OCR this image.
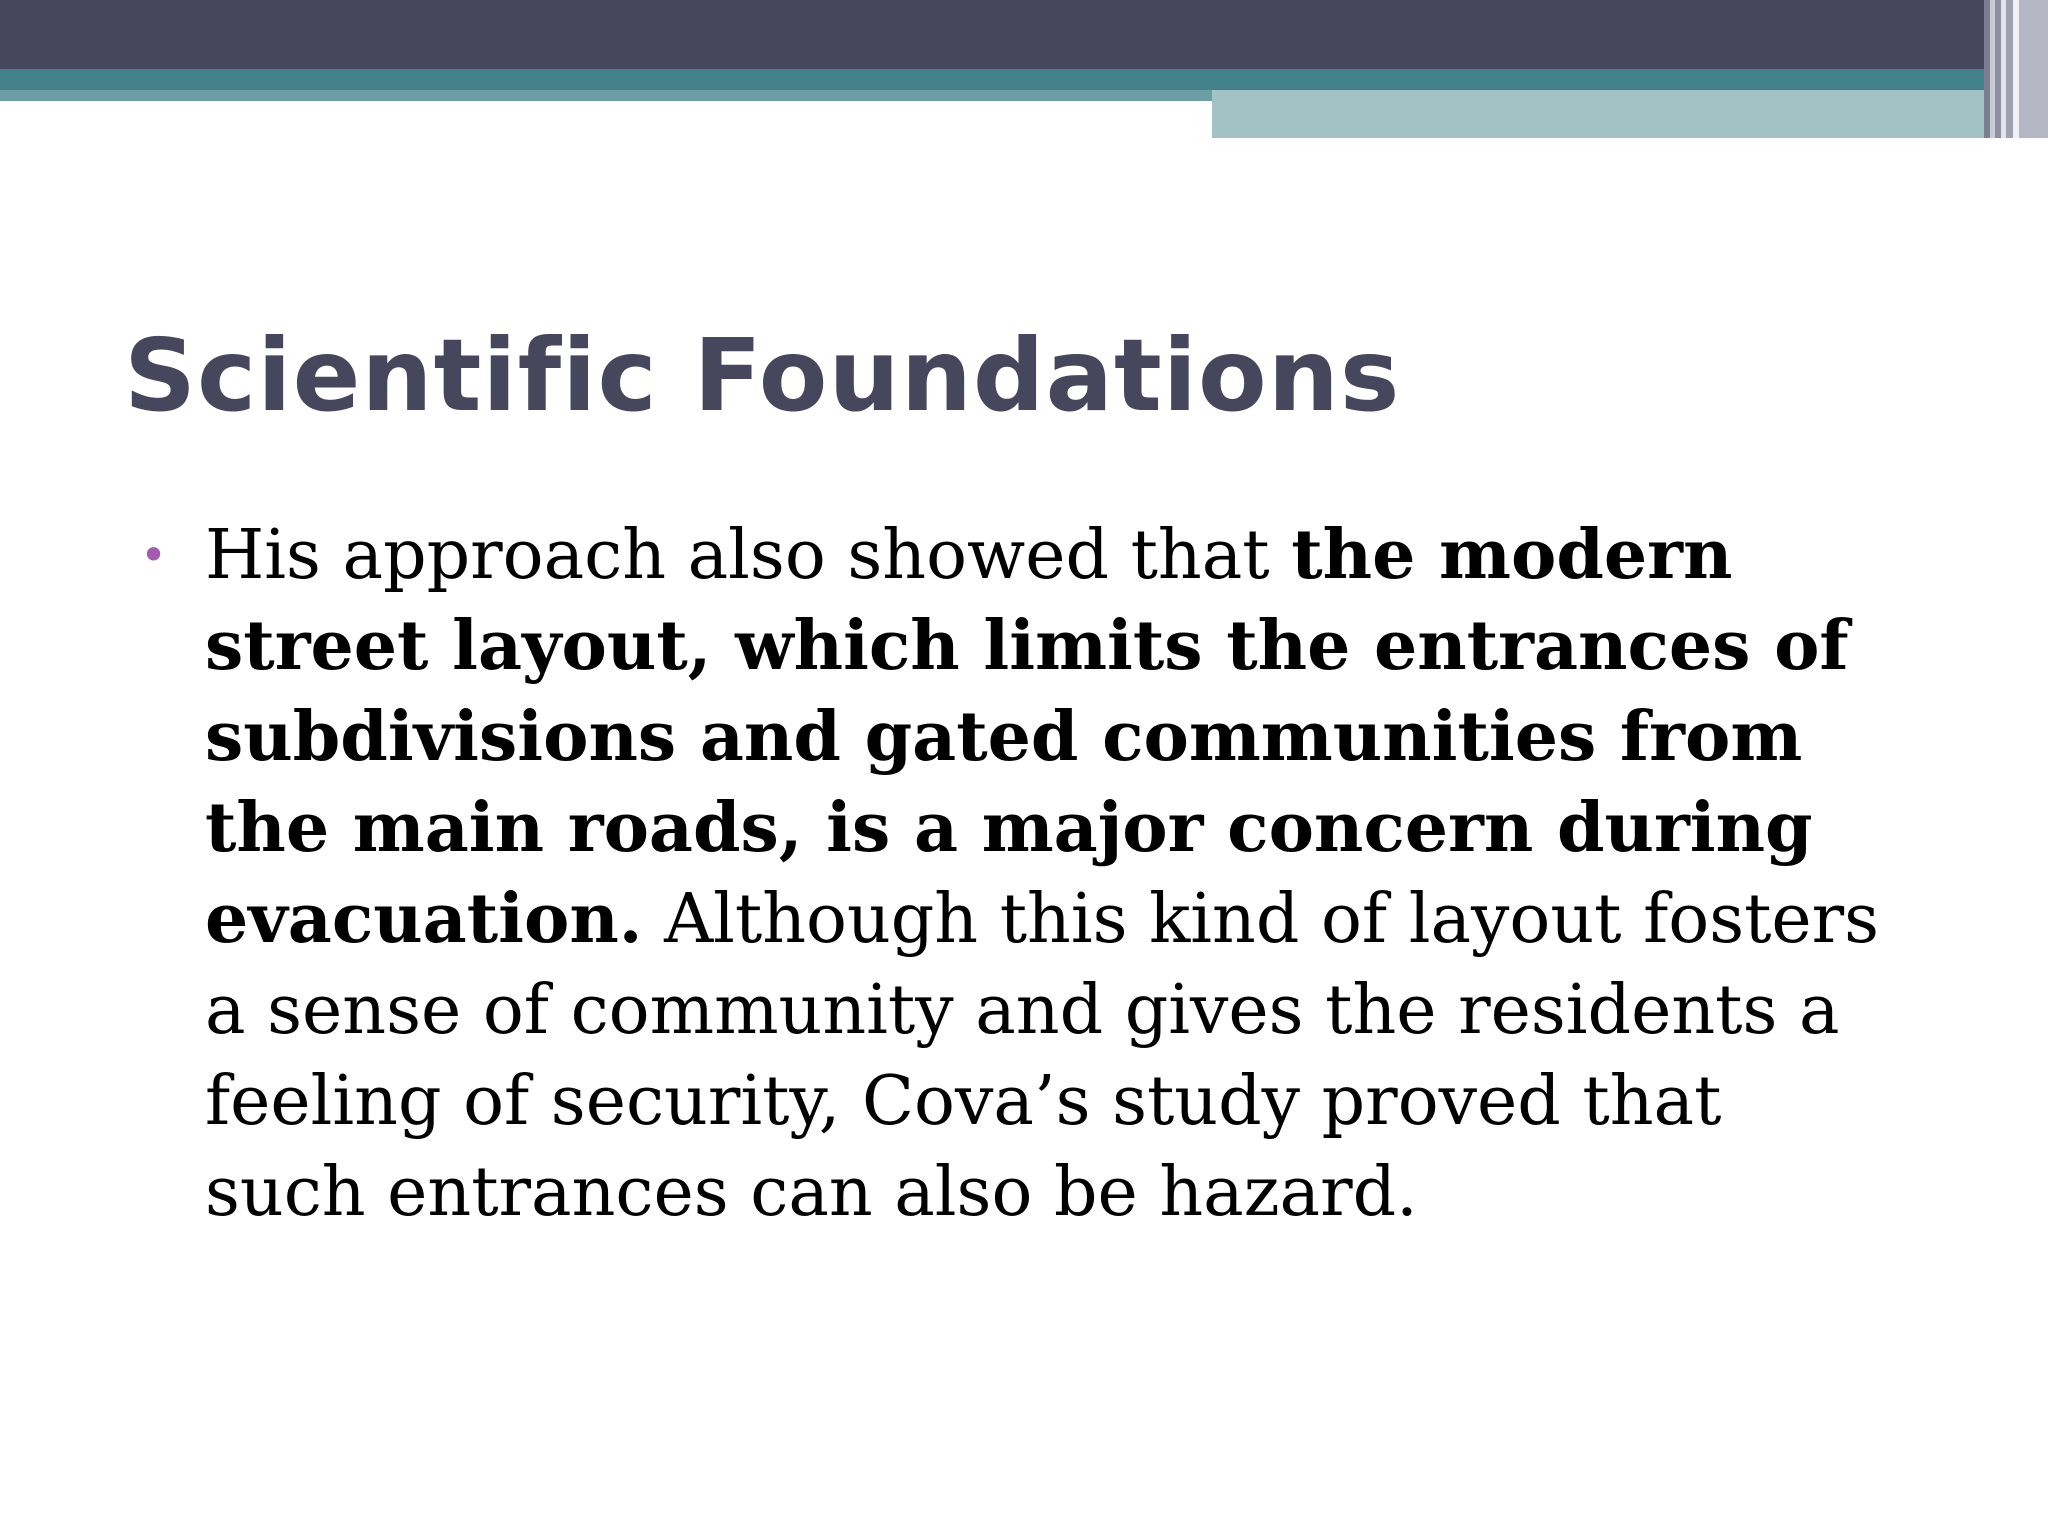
Scientific Foundations
• His approach also showed that the modern street layout, which limits the entrances of subdivisions and gated communities from the main roads, is a major concern during evacuation. Although this kind of layout fosters a sense of community and gives the residents a feeling of security, Cova’s study proved that such entrances can also be hazard.
